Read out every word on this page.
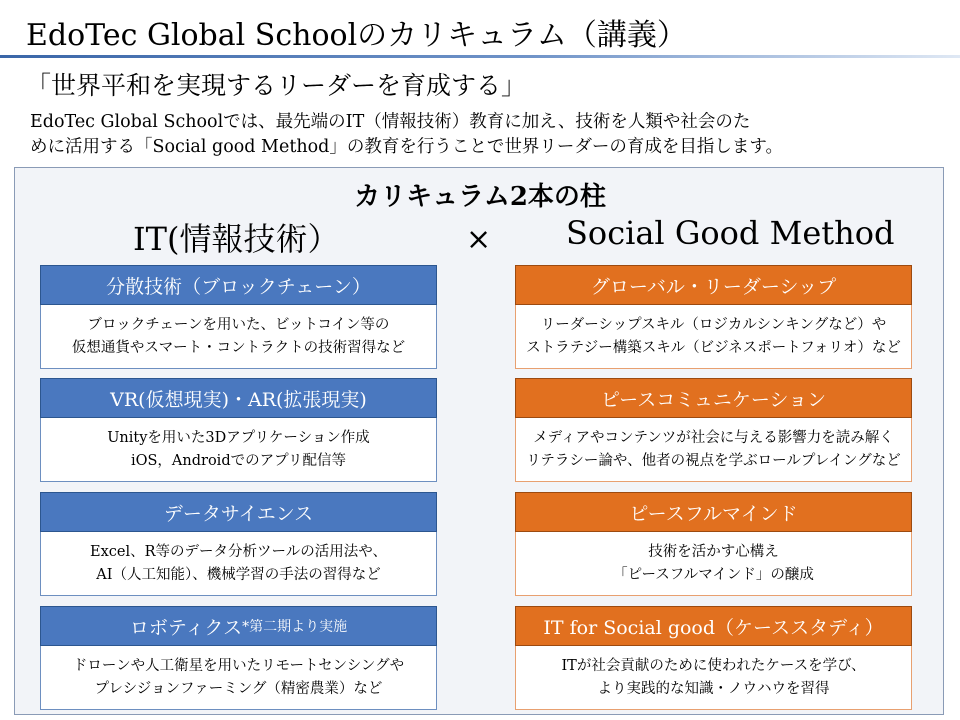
EdoTec Global Schoolのカリキュラム（講義）
「世界平和を実現するリーダーを育成する」
EdoTec Global Schoolでは、最先端のIT（情報技術）教育に加え、技術を人類や社会のた
めに活用する「Social good Method」の教育を行うことで世界リーダーの育成を目指します。
カリキュラム2本の柱
IT(情報技術）	× Social Good Method
分散技術（ブロックチェーン）
ブロックチェーンを用いた、ビットコイン等の
仮想通貨やスマート・コントラクトの技術習得など
VR(仮想現実)・AR(拡張現実)
Unityを用いた3Dアプリケーション作成
iOS，Androidでのアプリ配信等
データサイエンス
Excel、R等のデータ分析ツールの活用法や、
AI（人工知能）、機械学習の手法の習得など
ロボティクス *第二期より実施
ドローンや人工衛星を用いたリモートセンシングや
プレシジョンファーミング（精密農業）など
グローバル・リーダーシップ
リーダーシップスキル（ロジカルシンキングなど）や
ストラテジー構築スキル（ビジネスポートフォリオ）など
ピースコミュニケーション
メディアやコンテンツが社会に与える影響力を読み解く
リテラシー論や、他者の視点を学ぶロールプレイングなど
ピースフルマインド
技術を活かす心構え
「ピースフルマインド」の醸成
IT for Social good（ケーススタディ）
ITが社会貢献のために使われたケースを学び、
より実践的な知識・ノウハウを習得
